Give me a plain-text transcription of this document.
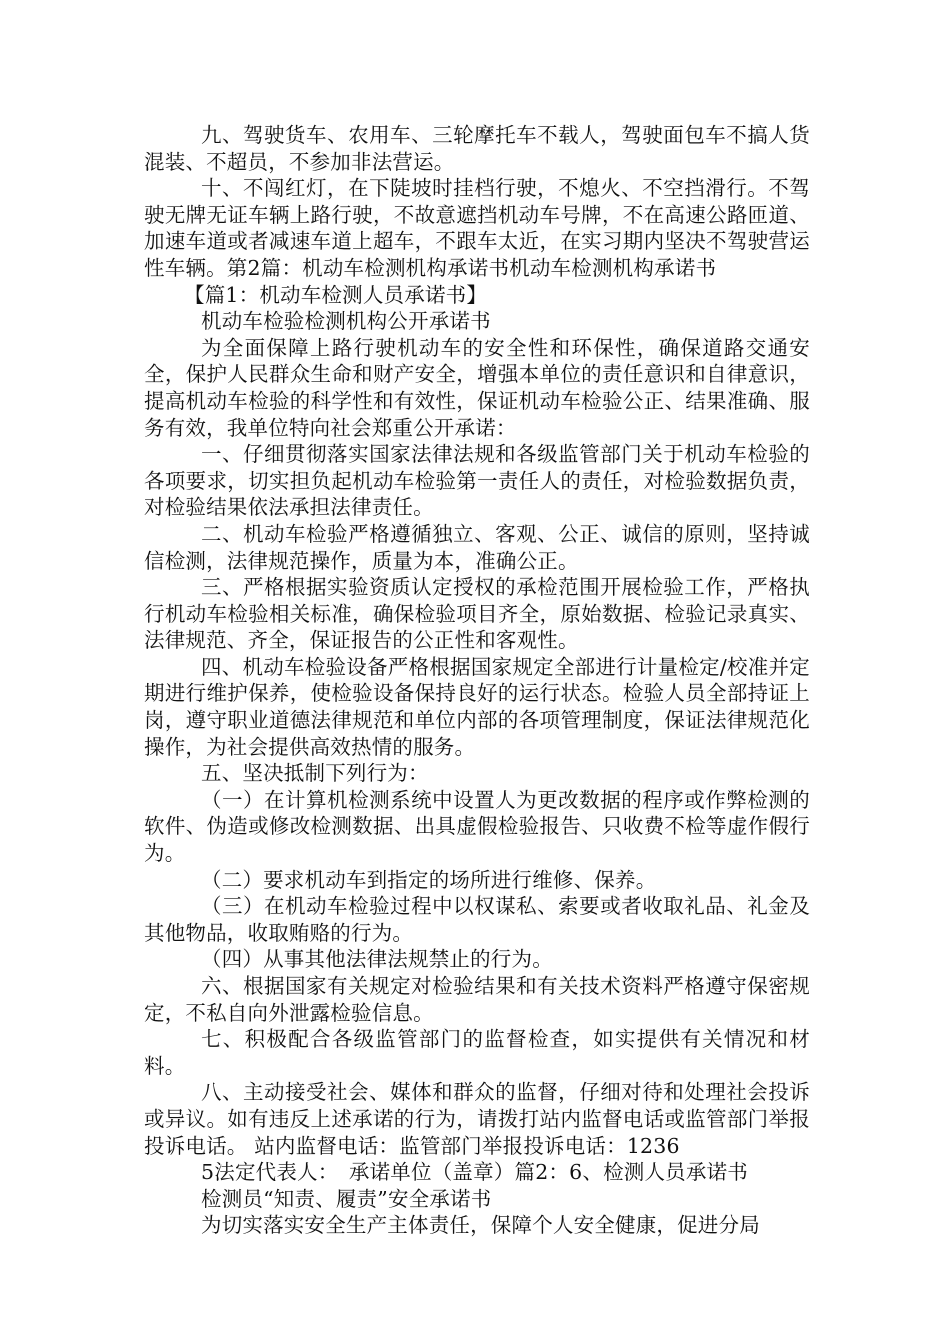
九、驾驶货车、农用车、三轮摩托车不载人，驾驶面包车不搞人货混装、不超员，不参加非法营运。

十、不闯红灯，在下陡坡时挂档行驶，不熄火、不空挡滑行。不驾驶无牌无证车辆上路行驶，不故意遮挡机动车号牌，不在高速公路匝道、加速车道或者减速车道上超车，不跟车太近，在实习期内坚决不驾驶营运性车辆。第2篇：机动车检测机构承诺书机动车检测机构承诺书

【篇1：机动车检测人员承诺书】

机动车检验检测机构公开承诺书

为全面保障上路行驶机动车的安全性和环保性，确保道路交通安全，保护人民群众生命和财产安全，增强本单位的责任意识和自律意识，提高机动车检验的科学性和有效性，保证机动车检验公正、结果准确、服务有效，我单位特向社会郑重公开承诺：

一、仔细贯彻落实国家法律法规和各级监管部门关于机动车检验的各项要求，切实担负起机动车检验第一责任人的责任，对检验数据负责，对检验结果依法承担法律责任。

二、机动车检验严格遵循独立、客观、公正、诚信的原则，坚持诚信检测，法律规范操作，质量为本，准确公正。

三、严格根据实验资质认定授权的承检范围开展检验工作，严格执行机动车检验相关标准，确保检验项目齐全，原始数据、检验记录真实、法律规范、齐全，保证报告的公正性和客观性。

四、机动车检验设备严格根据国家规定全部进行计量检定/校准并定期进行维护保养，使检验设备保持良好的运行状态。检验人员全部持证上岗，遵守职业道德法律规范和单位内部的各项管理制度，保证法律规范化操作，为社会提供高效热情的服务。

五、坚决抵制下列行为：

（一）在计算机检测系统中设置人为更改数据的程序或作弊检测的软件、伪造或修改检测数据、出具虚假检验报告、只收费不检等虚作假行为。

（二）要求机动车到指定的场所进行维修、保养。

（三）在机动车检验过程中以权谋私、索要或者收取礼品、礼金及其他物品，收取贿赂的行为。

（四）从事其他法律法规禁止的行为。

六、根据国家有关规定对检验结果和有关技术资料严格遵守保密规定，不私自向外泄露检验信息。

七、积极配合各级监管部门的监督检查，如实提供有关情况和材料。

八、主动接受社会、媒体和群众的监督，仔细对待和处理社会投诉或异议。如有违反上述承诺的行为，请拨打站内监督电话或监管部门举报投诉电话。 站内监督电话：监管部门举报投诉电话：1236

5法定代表人：　承诺单位（盖章）篇2：6、检测人员承诺书

检测员“知责、履责”安全承诺书

为切实落实安全生产主体责任，保障个人安全健康，促进分局
